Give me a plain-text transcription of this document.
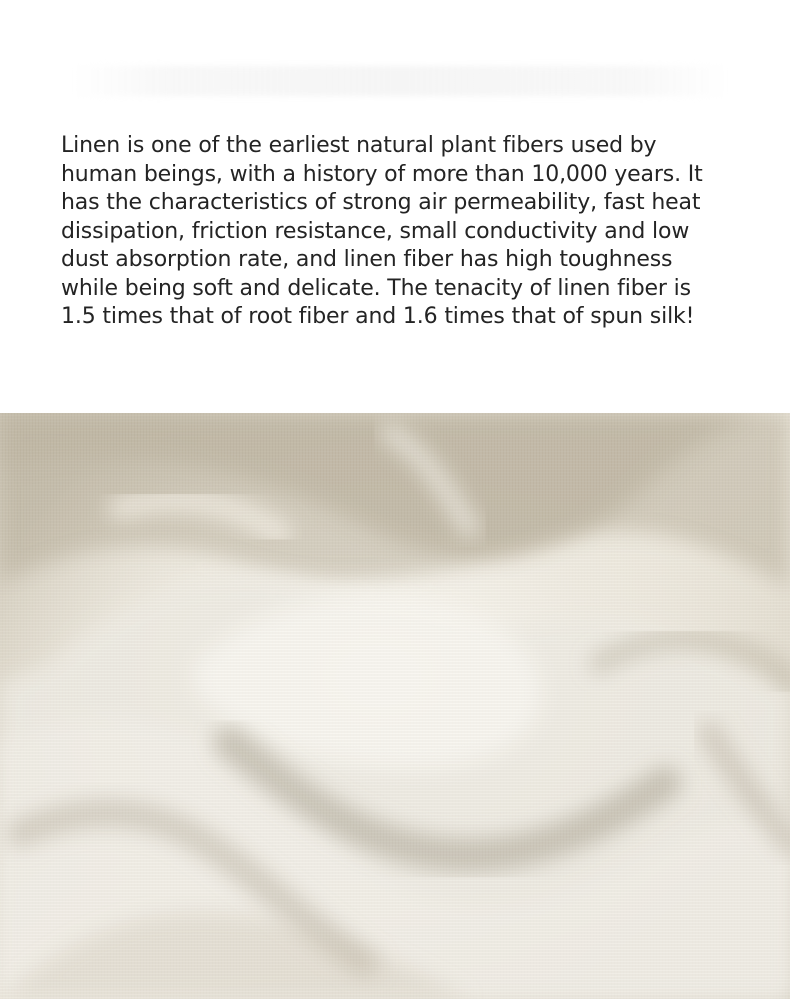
Linen is one of the earliest natural plant fibers used by human beings, with a history of more than 10,000 years. It has the characteristics of strong air permeability, fast heat dissipation, friction resistance, small conductivity and low dust absorption rate, and linen fiber has high toughness while being soft and delicate. The tenacity of linen fiber is 1.5 times that of root fiber and 1.6 times that of spun silk!
